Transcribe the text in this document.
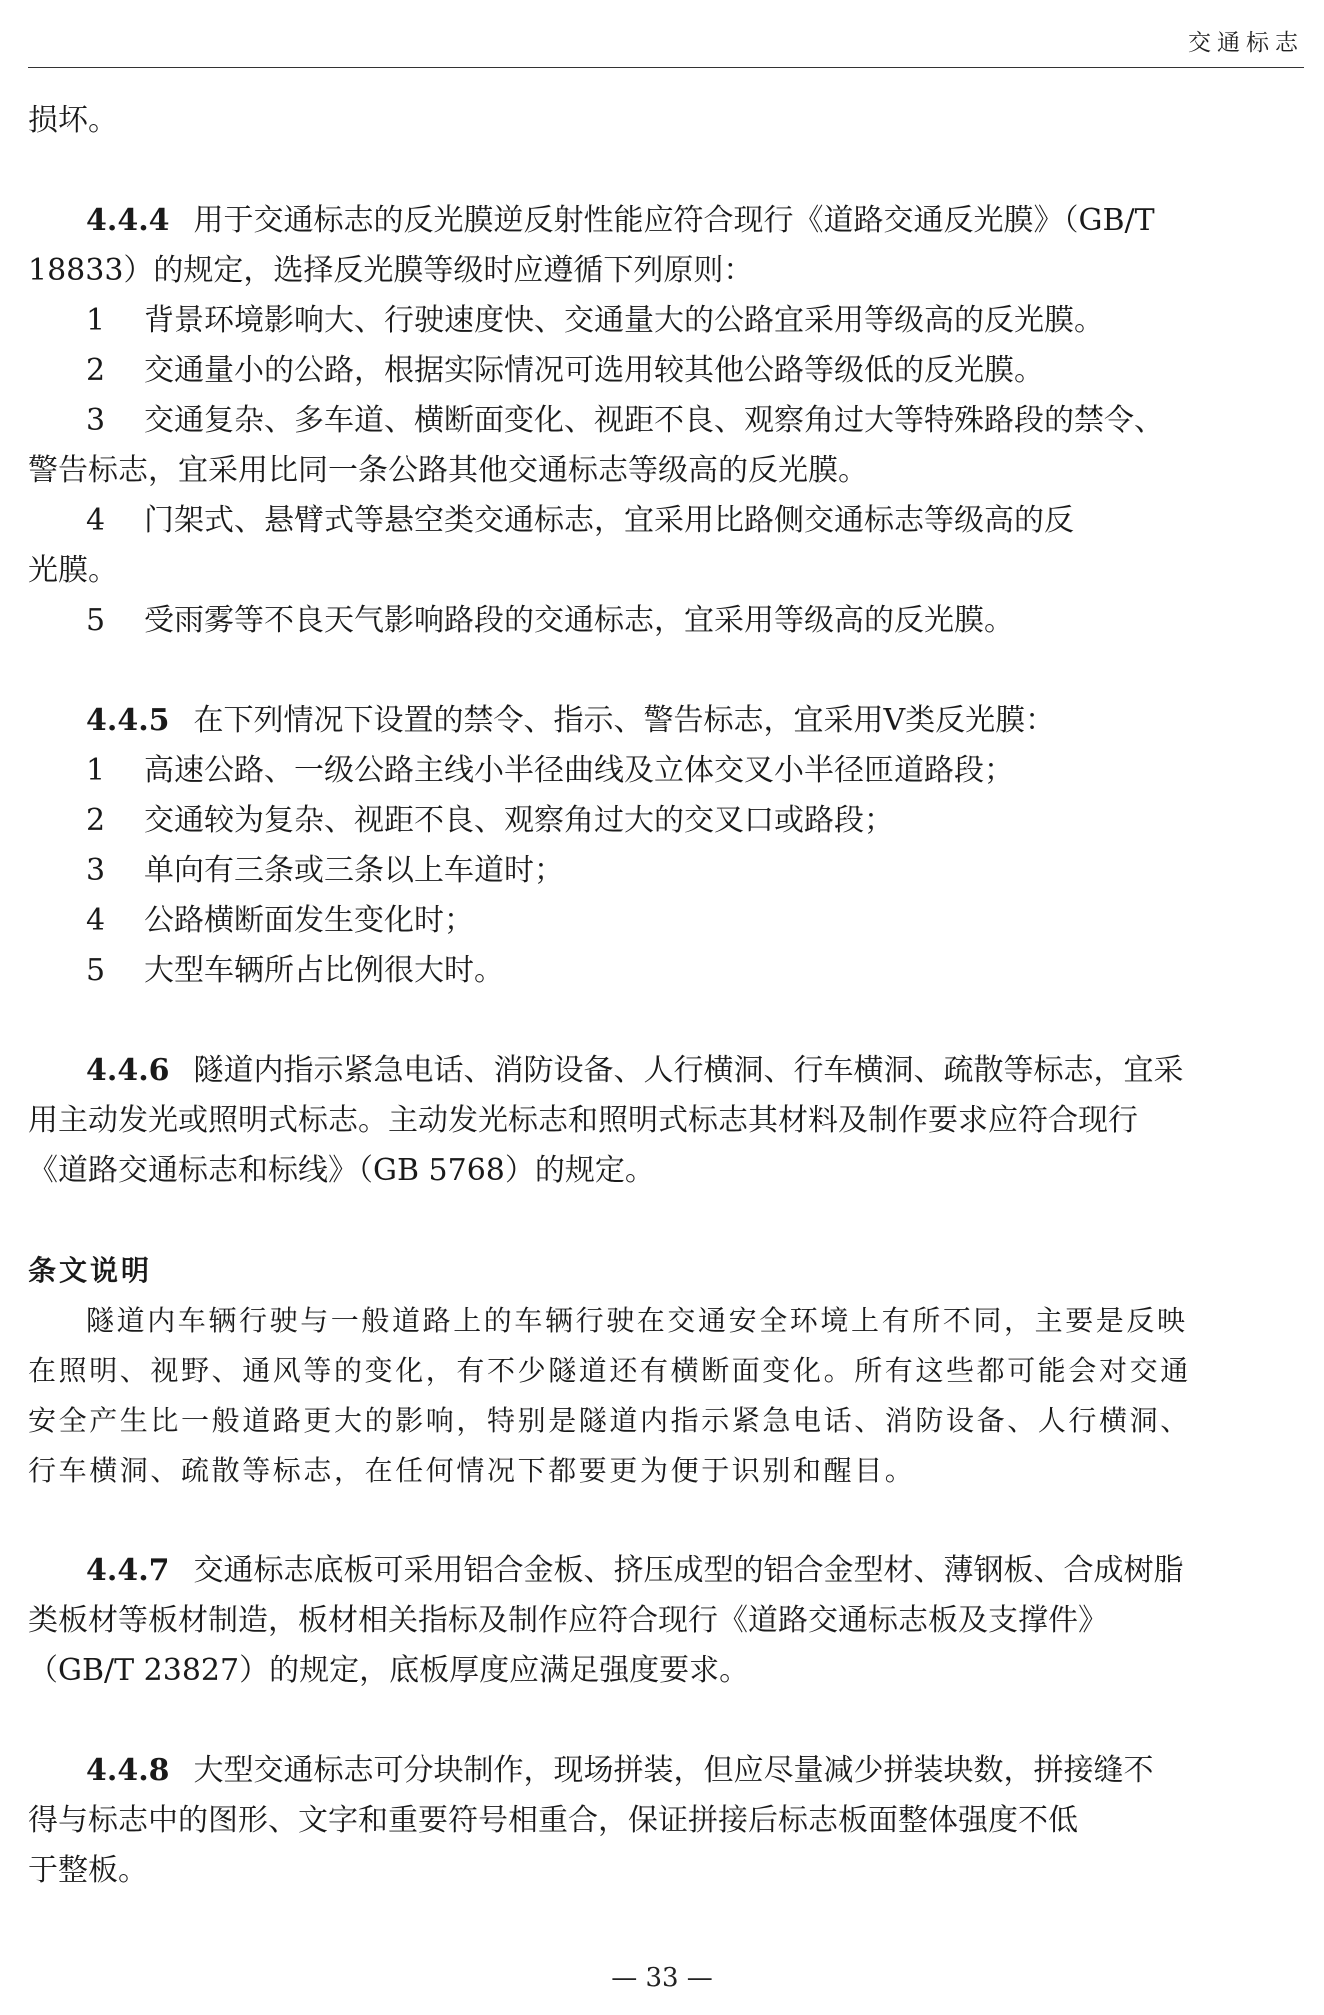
交通标志

损坏。

4.4.4 用于交通标志的反光膜逆反射性能应符合现行《道路交通反光膜》（GB/T

18833）的规定，选择反光膜等级时应遵循下列原则：

1 背景环境影响大、行驶速度快、交通量大的公路宜采用等级高的反光膜。

2 交通量小的公路，根据实际情况可选用较其他公路等级低的反光膜。

3 交通复杂、多车道、横断面变化、视距不良、观察角过大等特殊路段的禁令、

警告标志，宜采用比同一条公路其他交通标志等级高的反光膜。

4 门架式、悬臂式等悬空类交通标志，宜采用比路侧交通标志等级高的反

光膜。

5 受雨雾等不良天气影响路段的交通标志，宜采用等级高的反光膜。

4.4.5 在下列情况下设置的禁令、指示、警告标志，宜采用Ⅴ类反光膜：

1 高速公路、一级公路主线小半径曲线及立体交叉小半径匝道路段；

2 交通较为复杂、视距不良、观察角过大的交叉口或路段；

3 单向有三条或三条以上车道时；

4 公路横断面发生变化时；

5 大型车辆所占比例很大时。

4.4.6 隧道内指示紧急电话、消防设备、人行横洞、行车横洞、疏散等标志，宜采

用主动发光或照明式标志。主动发光标志和照明式标志其材料及制作要求应符合现行

《道路交通标志和标线》（GB 5768）的规定。

条文说明

隧道内车辆行驶与一般道路上的车辆行驶在交通安全环境上有所不同，主要是反映

在照明、视野、通风等的变化，有不少隧道还有横断面变化。所有这些都可能会对交通

安全产生比一般道路更大的影响，特别是隧道内指示紧急电话、消防设备、人行横洞、

行车横洞、疏散等标志，在任何情况下都要更为便于识别和醒目。

4.4.7 交通标志底板可采用铝合金板、挤压成型的铝合金型材、薄钢板、合成树脂

类板材等板材制造，板材相关指标及制作应符合现行《道路交通标志板及支撑件》

（GB/T 23827）的规定，底板厚度应满足强度要求。

4.4.8 大型交通标志可分块制作，现场拼装，但应尽量减少拼装块数，拼接缝不

得与标志中的图形、文字和重要符号相重合，保证拼接后标志板面整体强度不低

于整板。

— 33 —
